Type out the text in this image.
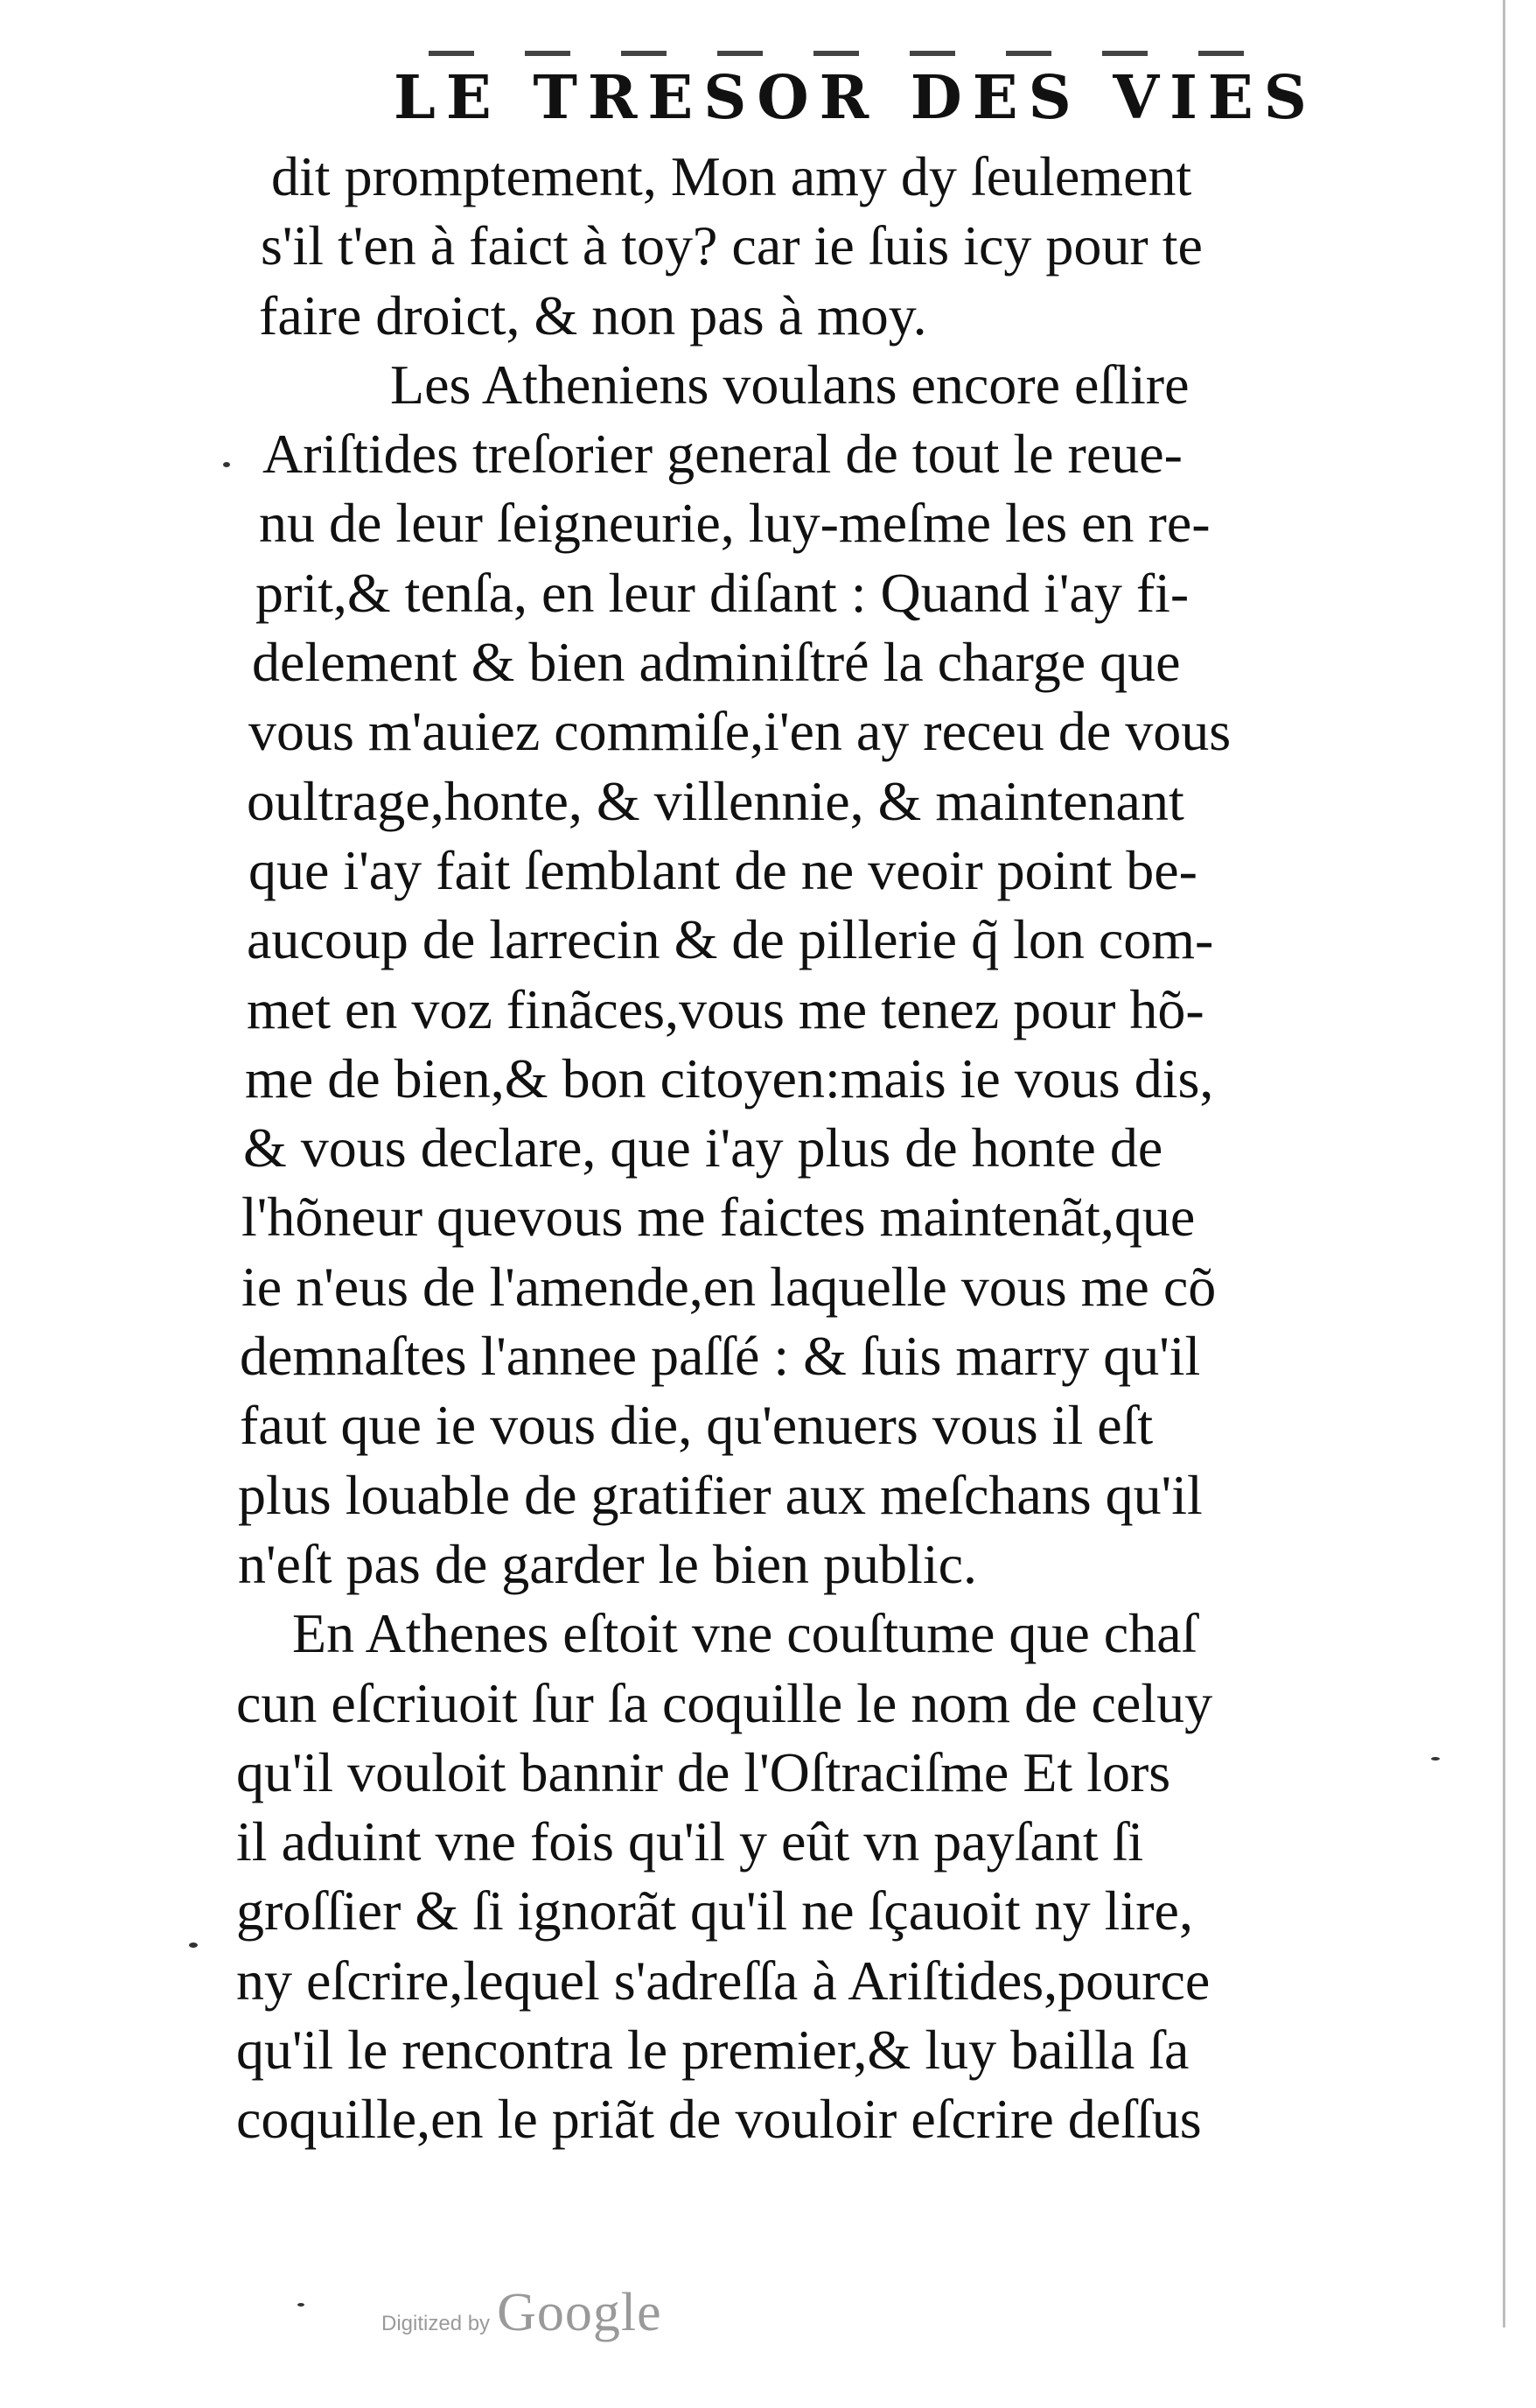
LE TRESOR DES VIES
dit promptement, Mon amy dy ſeulement
s'il t'en à faict à toy? car ie ſuis icy pour te
faire droict, & non pas à moy.
Les Atheniens voulans encore eſlire
Ariſtides treſorier general de tout le reue-
nu de leur ſeigneurie, luy-meſme les en re-
prit,& tenſa, en leur diſant : Quand i'ay fi-
delement & bien adminiſtré la charge que
vous m'auiez commiſe,i'en ay receu de vous
oultrage,honte, & villennie, & maintenant
que i'ay fait ſemblant de ne veoir point be-
aucoup de larrecin & de pillerie q̃ lon com-
met en voz finãces,vous me tenez pour hõ-
me de bien,& bon citoyen:mais ie vous dis,
& vous declare, que i'ay plus de honte de
l'hõneur quevous me faictes maintenãt,que
ie n'eus de l'amende,en laquelle vous me cõ
demnaſtes l'annee paſſé : & ſuis marry qu'il
faut que ie vous die, qu'enuers vous il eſt
plus louable de gratifier aux meſchans qu'il
n'eſt pas de garder le bien public.
En Athenes eſtoit vne couſtume que chaſ
cun eſcriuoit ſur ſa coquille le nom de celuy
qu'il vouloit bannir de l'Oſtraciſme Et lors
il aduint vne fois qu'il y eût vn payſant ſi
groſſier & ſi ignorãt qu'il ne ſçauoit ny lire,
ny eſcrire,lequel s'adreſſa à Ariſtides,pource
qu'il le rencontra le premier,& luy bailla ſa
coquille,en le priãt de vouloir eſcrire deſſus
Digitized by Google
